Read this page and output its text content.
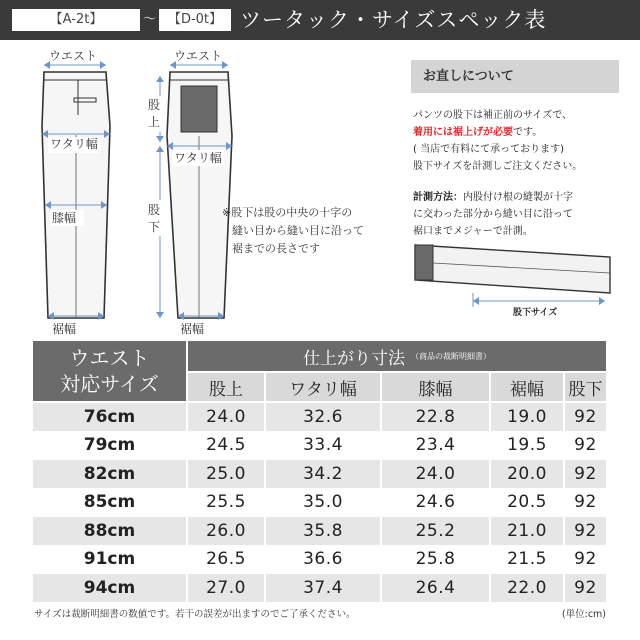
【A-2t】	～ 【D-0t】 ツータック・サイズスペック表
ウエスト
ワタリ幅
膝幅
裾幅
ウエスト
股
上
股
下
ワタリ幅
裾幅
※股下は股の中央の十字の
縫い目から縫い目に沿って
裾までの長さです
お直しについて
パンツの股下は補正前のサイズで、
着用には裾上げが必要です。
( 当店で有料にて承っております)
股下サイズを計測しご注文ください。
計測方法：内股付け根の縫製が十字
に交わった部分から縫い目に沿って
裾口までメジャーで計測。
股下サイズ
ウエスト
対応サイズ
仕上がり寸法 （商品の裁断明細書）
股上	ワタリ幅	膝幅	裾幅	股下
76cm	24.0	32.6	22.8	19.0	92
79cm	24.5	33.4	23.4	19.5	92
82cm	25.0	34.2	24.0	20.0	92
85cm	25.5	35.0	24.6	20.5	92
88cm	26.0	35.8	25.2	21.0	92
91cm	26.5	36.6	25.8	21.5	92
94cm	27.0	37.4	26.4	22.0	92
サイズは裁断明細書の数値です。若干の誤差が出ますのでご了承ください。	(単位:cm)
